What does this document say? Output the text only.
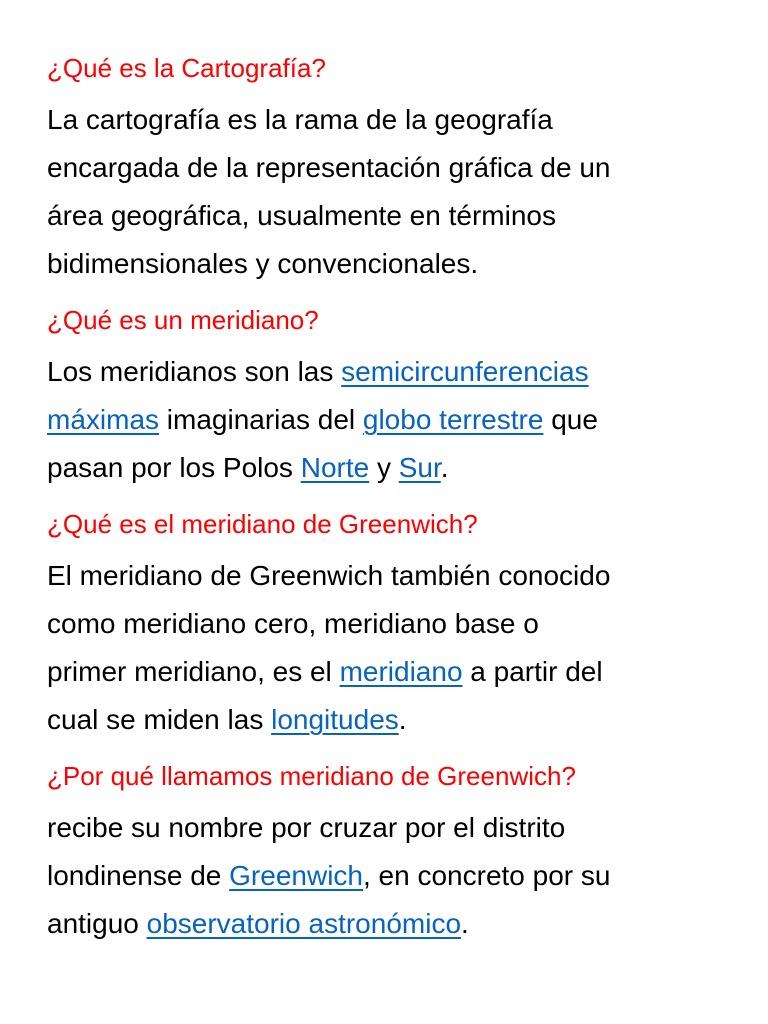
¿Qué es la Cartografía?
La cartografía es la rama de la geografía
encargada de la representación gráfica de un
área geográfica, usualmente en términos
bidimensionales y convencionales.
¿Qué es un meridiano?
Los meridianos son las semicircunferencias
máximas imaginarias del globo terrestre que
pasan por los Polos Norte y Sur.
¿Qué es el meridiano de Greenwich?
El meridiano de Greenwich también conocido
como meridiano cero, meridiano base o
primer meridiano, es el meridiano a partir del
cual se miden las longitudes.
¿Por qué llamamos meridiano de Greenwich?
recibe su nombre por cruzar por el distrito
londinense de Greenwich, en concreto por su
antiguo observatorio astronómico.
